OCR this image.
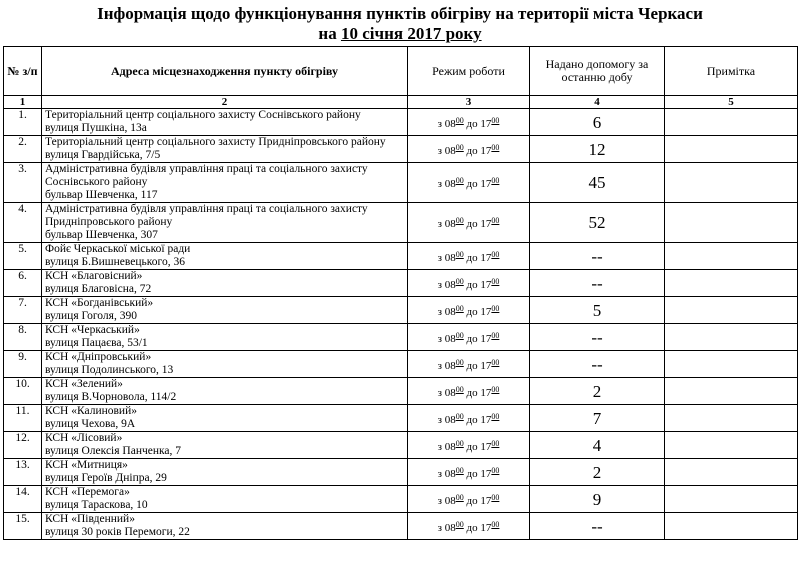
Інформація щодо функціонування пунктів обігріву на території міста Черкаси
на 10 січня 2017 року
№ з/п	Адреса місцезнаходження пункту обігріву	Режим роботи	Надано допомогу за останню добу	Примітка
1	2	3	4	5
1.	Територіальний центр соціального захисту Соснівського району
вулиця Пушкіна, 13а	з $08^{00}$ до $17^{00}$	6	
2.	Територіальний центр соціального захисту Придніпровського району
вулиця Гвардійська, 7/5	з $08^{00}$ до $17^{00}$	12	
3.	Адміністративна будівля управління праці та соціального захисту
Соснівського району
бульвар Шевченка, 117	з $08^{00}$ до $17^{00}$	45	
4.	Адміністративна будівля управління праці та соціального захисту
Придніпровського району
бульвар Шевченка, 307	з $08^{00}$ до $17^{00}$	52	
5.	Фойє Черкаської міської ради
вулиця Б.Вишневецького, 36	з $08^{00}$ до $17^{00}$	--	
6.	КСН «Благовісний»
вулиця Благовісна, 72	з $08^{00}$ до $17^{00}$	--	
7.	КСН «Богданівський»
вулиця Гоголя, 390	з $08^{00}$ до $17^{00}$	5	
8.	КСН «Черкаський»
вулиця Пацаєва, 53/1	з $08^{00}$ до $17^{00}$	--	
9.	КСН «Дніпровський»
вулиця Подолинського, 13	з $08^{00}$ до $17^{00}$	--	
10.	КСН «Зелений»
вулиця В.Чорновола, 114/2	з $08^{00}$ до $17^{00}$	2	
11.	КСН «Калиновий»
вулиця Чехова, 9А	з $08^{00}$ до $17^{00}$	7	
12.	КСН «Лісовий»
вулиця Олексія Панченка, 7	з $08^{00}$ до $17^{00}$	4	
13.	КСН «Митниця»
вулиця Героїв Дніпра, 29	з $08^{00}$ до $17^{00}$	2	
14.	КСН «Перемога»
вулиця Тараскова, 10	з $08^{00}$ до $17^{00}$	9	
15.	КСН «Південний»
вулиця 30 років Перемоги, 22	з $08^{00}$ до $17^{00}$	--	
